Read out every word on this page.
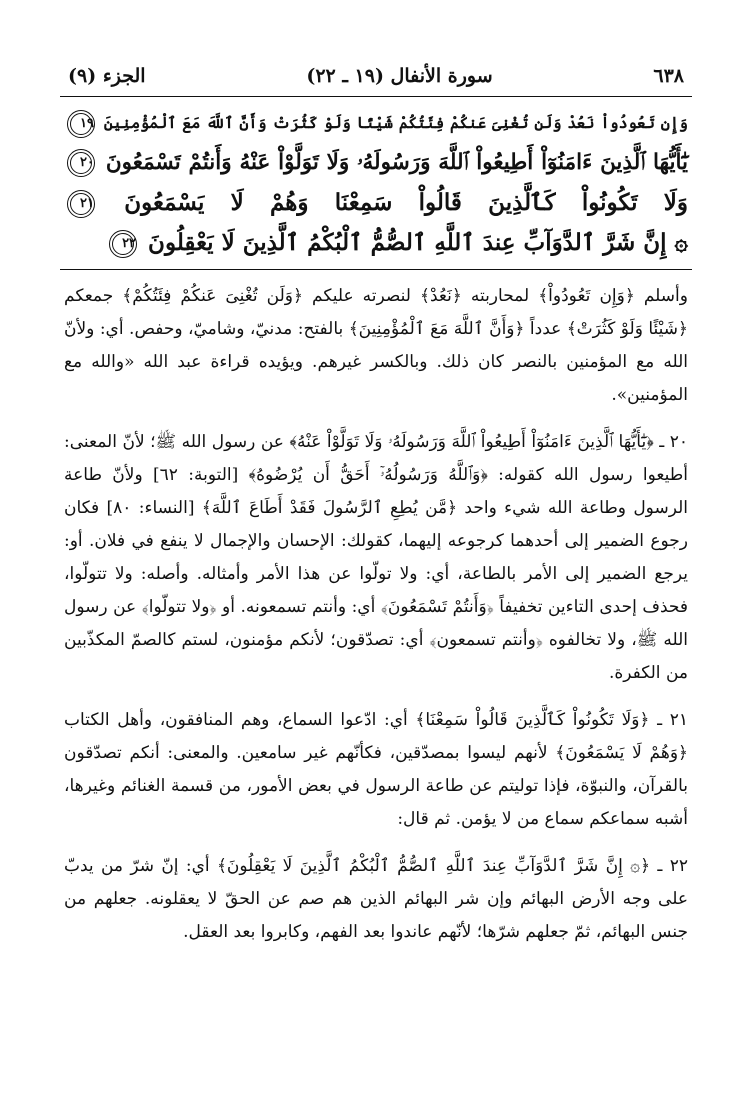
٦٣٨
سورة الأنفال (١٩ ـ ٢٢)
الجزء (٩)
وَإِن تَعُودُواْ نَعُدْ وَلَن تُغْنِىَ عَنكُمْ فِئَتُكُمْ شَيْئًا وَلَوْ كَثُرَتْ وَأَنَّ ٱللَّهَ مَعَ ٱلْمُؤْمِنِينَ ١٩
يَٰٓأَيُّهَا ٱلَّذِينَ ءَامَنُوٓاْ أَطِيعُواْ ٱللَّهَ وَرَسُولَهُۥ وَلَا تَوَلَّوْاْ عَنْهُ وَأَنتُمْ تَسْمَعُونَ ٢٠
وَلَا تَكُونُواْ كَٱلَّذِينَ قَالُواْ سَمِعْنَا وَهُمْ لَا يَسْمَعُونَ ٢١
۞ إِنَّ شَرَّ ٱلدَّوَآبِّ عِندَ ٱللَّهِ ٱلصُّمُّ ٱلْبُكْمُ ٱلَّذِينَ لَا يَعْقِلُونَ ٢٢

وأسلم ﴿وَإِن تَعُودُواْ﴾ لمحاربته ﴿نَعُدْ﴾ لنصرته عليكم ﴿وَلَن تُغْنِىَ عَنكُمْ فِئَتُكُمْ﴾ جمعكم ﴿شَيْئًا وَلَوْ كَثُرَتْ﴾ عدداً ﴿وَأَنَّ ٱللَّهَ مَعَ ٱلْمُؤْمِنِينَ﴾ بالفتح: مدنيّ، وشاميّ، وحفص. أي: ولأنّ الله مع المؤمنين بالنصر كان ذلك. وبالكسر غيرهم. ويؤيده قراءة عبد الله «والله مع المؤمنين».

٢٠ ـ ﴿يَٰٓأَيُّهَا ٱلَّذِينَ ءَامَنُوٓاْ أَطِيعُواْ ٱللَّهَ وَرَسُولَهُۥ وَلَا تَوَلَّوْاْ عَنْهُ﴾ عن رسول الله ﷺ؛ لأنّ المعنى: أطيعوا رسول الله كقوله: ﴿وَٱللَّهُ وَرَسُولُهُۥٓ أَحَقُّ أَن يُرْضُوهُ﴾ [التوبة: ٦٢] ولأنّ طاعة الرسول وطاعة الله شيء واحد ﴿مَّن يُطِعِ ٱلرَّسُولَ فَقَدْ أَطَاعَ ٱللَّهَ﴾ [النساء: ٨٠] فكان رجوع الضمير إلى أحدهما كرجوعه إليهما، كقولك: الإحسان والإجمال لا ينفع في فلان. أو: يرجع الضمير إلى الأمر بالطاعة، أي: ولا تولّوا عن هذا الأمر وأمثاله. وأصله: ولا تتولّوا، فحذف إحدى التاءين تخفيفاً ﴿وَأَنتُمْ تَسْمَعُونَ﴾ أي: وأنتم تسمعونه. أو ﴿ولا تتولّوا﴾ عن رسول الله ﷺ، ولا تخالفوه ﴿وأنتم تسمعون﴾ أي: تصدّقون؛ لأنكم مؤمنون، لستم كالصمّ المكذّبين من الكفرة.

٢١ ـ ﴿وَلَا تَكُونُواْ كَٱلَّذِينَ قَالُواْ سَمِعْنَا﴾ أي: ادّعوا السماع، وهم المنافقون، وأهل الكتاب ﴿وَهُمْ لَا يَسْمَعُونَ﴾ لأنهم ليسوا بمصدّقين، فكأنّهم غير سامعين. والمعنى: أنكم تصدّقون بالقرآن، والنبوّة، فإذا توليتم عن طاعة الرسول في بعض الأمور، من قسمة الغنائم وغيرها، أشبه سماعكم سماع من لا يؤمن. ثم قال:

٢٢ ـ ﴿۞ إِنَّ شَرَّ ٱلدَّوَآبِّ عِندَ ٱللَّهِ ٱلصُّمُّ ٱلْبُكْمُ ٱلَّذِينَ لَا يَعْقِلُونَ﴾ أي: إنّ شرّ من يدبّ على وجه الأرض البهائم وإن شر البهائم الذين هم صم عن الحقّ لا يعقلونه. جعلهم من جنس البهائم، ثمّ جعلهم شرّها؛ لأنّهم عاندوا بعد الفهم، وكابروا بعد العقل.
